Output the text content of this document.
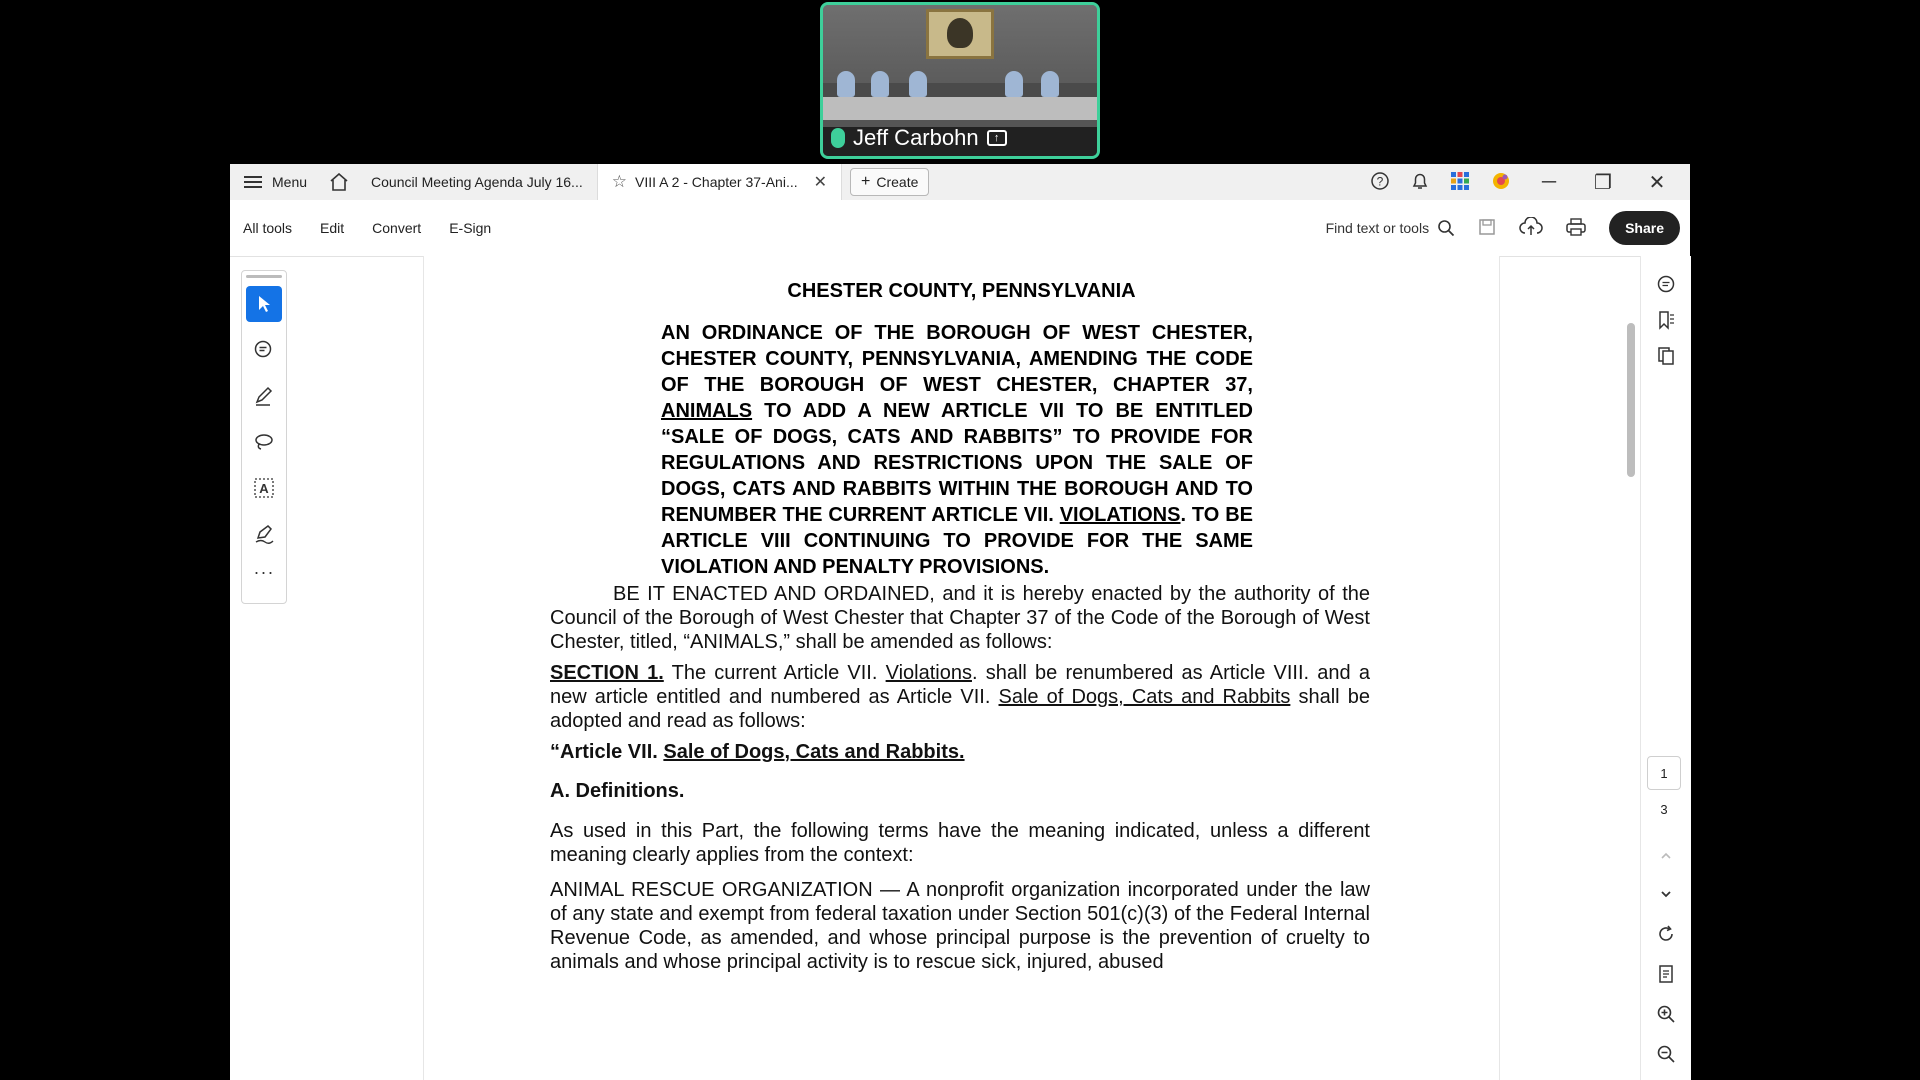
Jeff Carbohn	↑
Menu	Council Meeting Agenda July 16... ☆ VIII A 2 - Chapter 37-Ani... ✕ + Create	?	─	❐	✕
All tools	Edit	Convert	E-Sign	Find text or tools	Share
A
···
CHESTER COUNTY, PENNSYLVANIA
AN ORDINANCE OF THE BOROUGH OF WEST CHESTER, CHESTER COUNTY, PENNSYLVANIA, AMENDING THE CODE OF THE BOROUGH OF WEST CHESTER, CHAPTER 37, ANIMALS TO ADD A NEW ARTICLE VII TO BE ENTITLED “SALE OF DOGS, CATS AND RABBITS” TO PROVIDE FOR REGULATIONS AND RESTRICTIONS UPON THE SALE OF DOGS, CATS AND RABBITS WITHIN THE BOROUGH AND TO RENUMBER THE CURRENT ARTICLE VII. VIOLATIONS. TO BE ARTICLE VIII CONTINUING TO PROVIDE FOR THE SAME VIOLATION AND PENALTY PROVISIONS.
BE IT ENACTED AND ORDAINED, and it is hereby enacted by the authority of the Council of the Borough of West Chester that Chapter 37 of the Code of the Borough of West Chester, titled, “ANIMALS,” shall be amended as follows:
SECTION 1. The current Article VII. Violations. shall be renumbered as Article VIII. and a new article entitled and numbered as Article VII. Sale of Dogs, Cats and Rabbits shall be adopted and read as follows:
“Article VII. Sale of Dogs, Cats and Rabbits.
A. Definitions.
As used in this Part, the following terms have the meaning indicated, unless a different meaning clearly applies from the context:
ANIMAL RESCUE ORGANIZATION — A nonprofit organization incorporated under the law of any state and exempt from federal taxation under Section 501(c)(3) of the Federal Internal Revenue Code, as amended, and whose principal purpose is the prevention of cruelty to animals and whose principal activity is to rescue sick, injured, abused
1
3
